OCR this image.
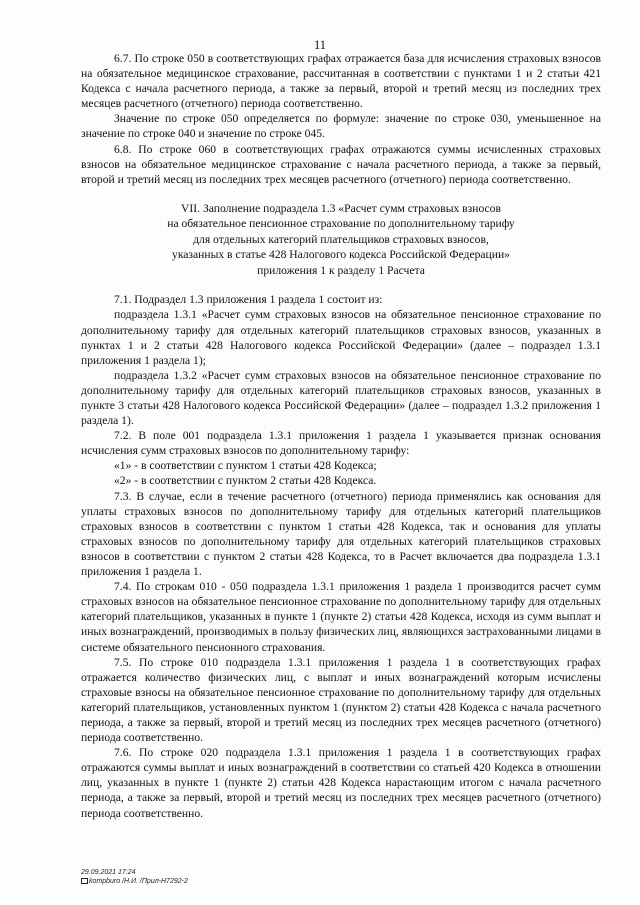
11

6.7. По строке 050 в соответствующих графах отражается база для исчисления страховых взносов на обязательное медицинское страхование, рассчитанная в соответствии с пунктами 1 и 2 статьи 421 Кодекса с начала расчетного периода, а также за первый, второй и третий месяц из последних трех месяцев расчетного (отчетного) периода соответственно.

Значение по строке 050 определяется по формуле: значение по строке 030, уменьшенное на значение по строке 040 и значение по строке 045.

6.8. По строке 060 в соответствующих графах отражаются суммы исчисленных страховых взносов на обязательное медицинское страхование с начала расчетного периода, а также за первый, второй и третий месяц из последних трех месяцев расчетного (отчетного) периода соответственно.

VII. Заполнение подраздела 1.3 «Расчет сумм страховых взносов
на обязательное пенсионное страхование по дополнительному тарифу
для отдельных категорий плательщиков страховых взносов,
указанных в статье 428 Налогового кодекса Российской Федерации»
приложения 1 к разделу 1 Расчета

7.1. Подраздел 1.3 приложения 1 раздела 1 состоит из:

подраздела 1.3.1 «Расчет сумм страховых взносов на обязательное пенсионное страхование по дополнительному тарифу для отдельных категорий плательщиков страховых взносов, указанных в пунктах 1 и 2 статьи 428 Налогового кодекса Российской Федерации» (далее – подраздел 1.3.1 приложения 1 раздела 1);

подраздела 1.3.2 «Расчет сумм страховых взносов на обязательное пенсионное страхование по дополнительному тарифу для отдельных категорий плательщиков страховых взносов, указанных в пункте 3 статьи 428 Налогового кодекса Российской Федерации» (далее – подраздел 1.3.2 приложения 1 раздела 1).

7.2. В поле 001 подраздела 1.3.1 приложения 1 раздела 1 указывается признак основания исчисления сумм страховых взносов по дополнительному тарифу:

«1» - в соответствии с пунктом 1 статьи 428 Кодекса;

«2» - в соответствии с пунктом 2 статьи 428 Кодекса.

7.3. В случае, если в течение расчетного (отчетного) периода применялись как основания для уплаты страховых взносов по дополнительному тарифу для отдельных категорий плательщиков страховых взносов в соответствии с пунктом 1 статьи 428 Кодекса, так и основания для уплаты страховых взносов по дополнительному тарифу для отдельных категорий плательщиков страховых взносов в соответствии с пунктом 2 статьи 428 Кодекса, то в Расчет включается два подраздела 1.3.1 приложения 1 раздела 1.

7.4. По строкам 010 - 050 подраздела 1.3.1 приложения 1 раздела 1 производится расчет сумм страховых взносов на обязательное пенсионное страхование по дополнительному тарифу для отдельных категорий плательщиков, указанных в пункте 1 (пункте 2) статьи 428 Кодекса, исходя из сумм выплат и иных вознаграждений, производимых в пользу физических лиц, являющихся застрахованными лицами в системе обязательного пенсионного страхования.

7.5. По строке 010 подраздела 1.3.1 приложения 1 раздела 1 в соответствующих графах отражается количество физических лиц, с выплат и иных вознаграждений которым исчислены страховые взносы на обязательное пенсионное страхование по дополнительному тарифу для отдельных категорий плательщиков, установленных пунктом 1 (пунктом 2) статьи 428 Кодекса с начала расчетного периода, а также за первый, второй и третий месяц из последних трех месяцев расчетного (отчетного) периода соответственно.

7.6. По строке 020 подраздела 1.3.1 приложения 1 раздела 1 в соответствующих графах отражаются суммы выплат и иных вознаграждений в соответствии со статьей 420 Кодекса в отношении лиц, указанных в пункте 1 (пункте 2) статьи 428 Кодекса нарастающим итогом с начала расчетного периода, а также за первый, второй и третий месяц из последних трех месяцев расчетного (отчетного) периода соответственно.

29.09.2021 17:24
kompburo /Н.И. /Прил-Н7292-2
